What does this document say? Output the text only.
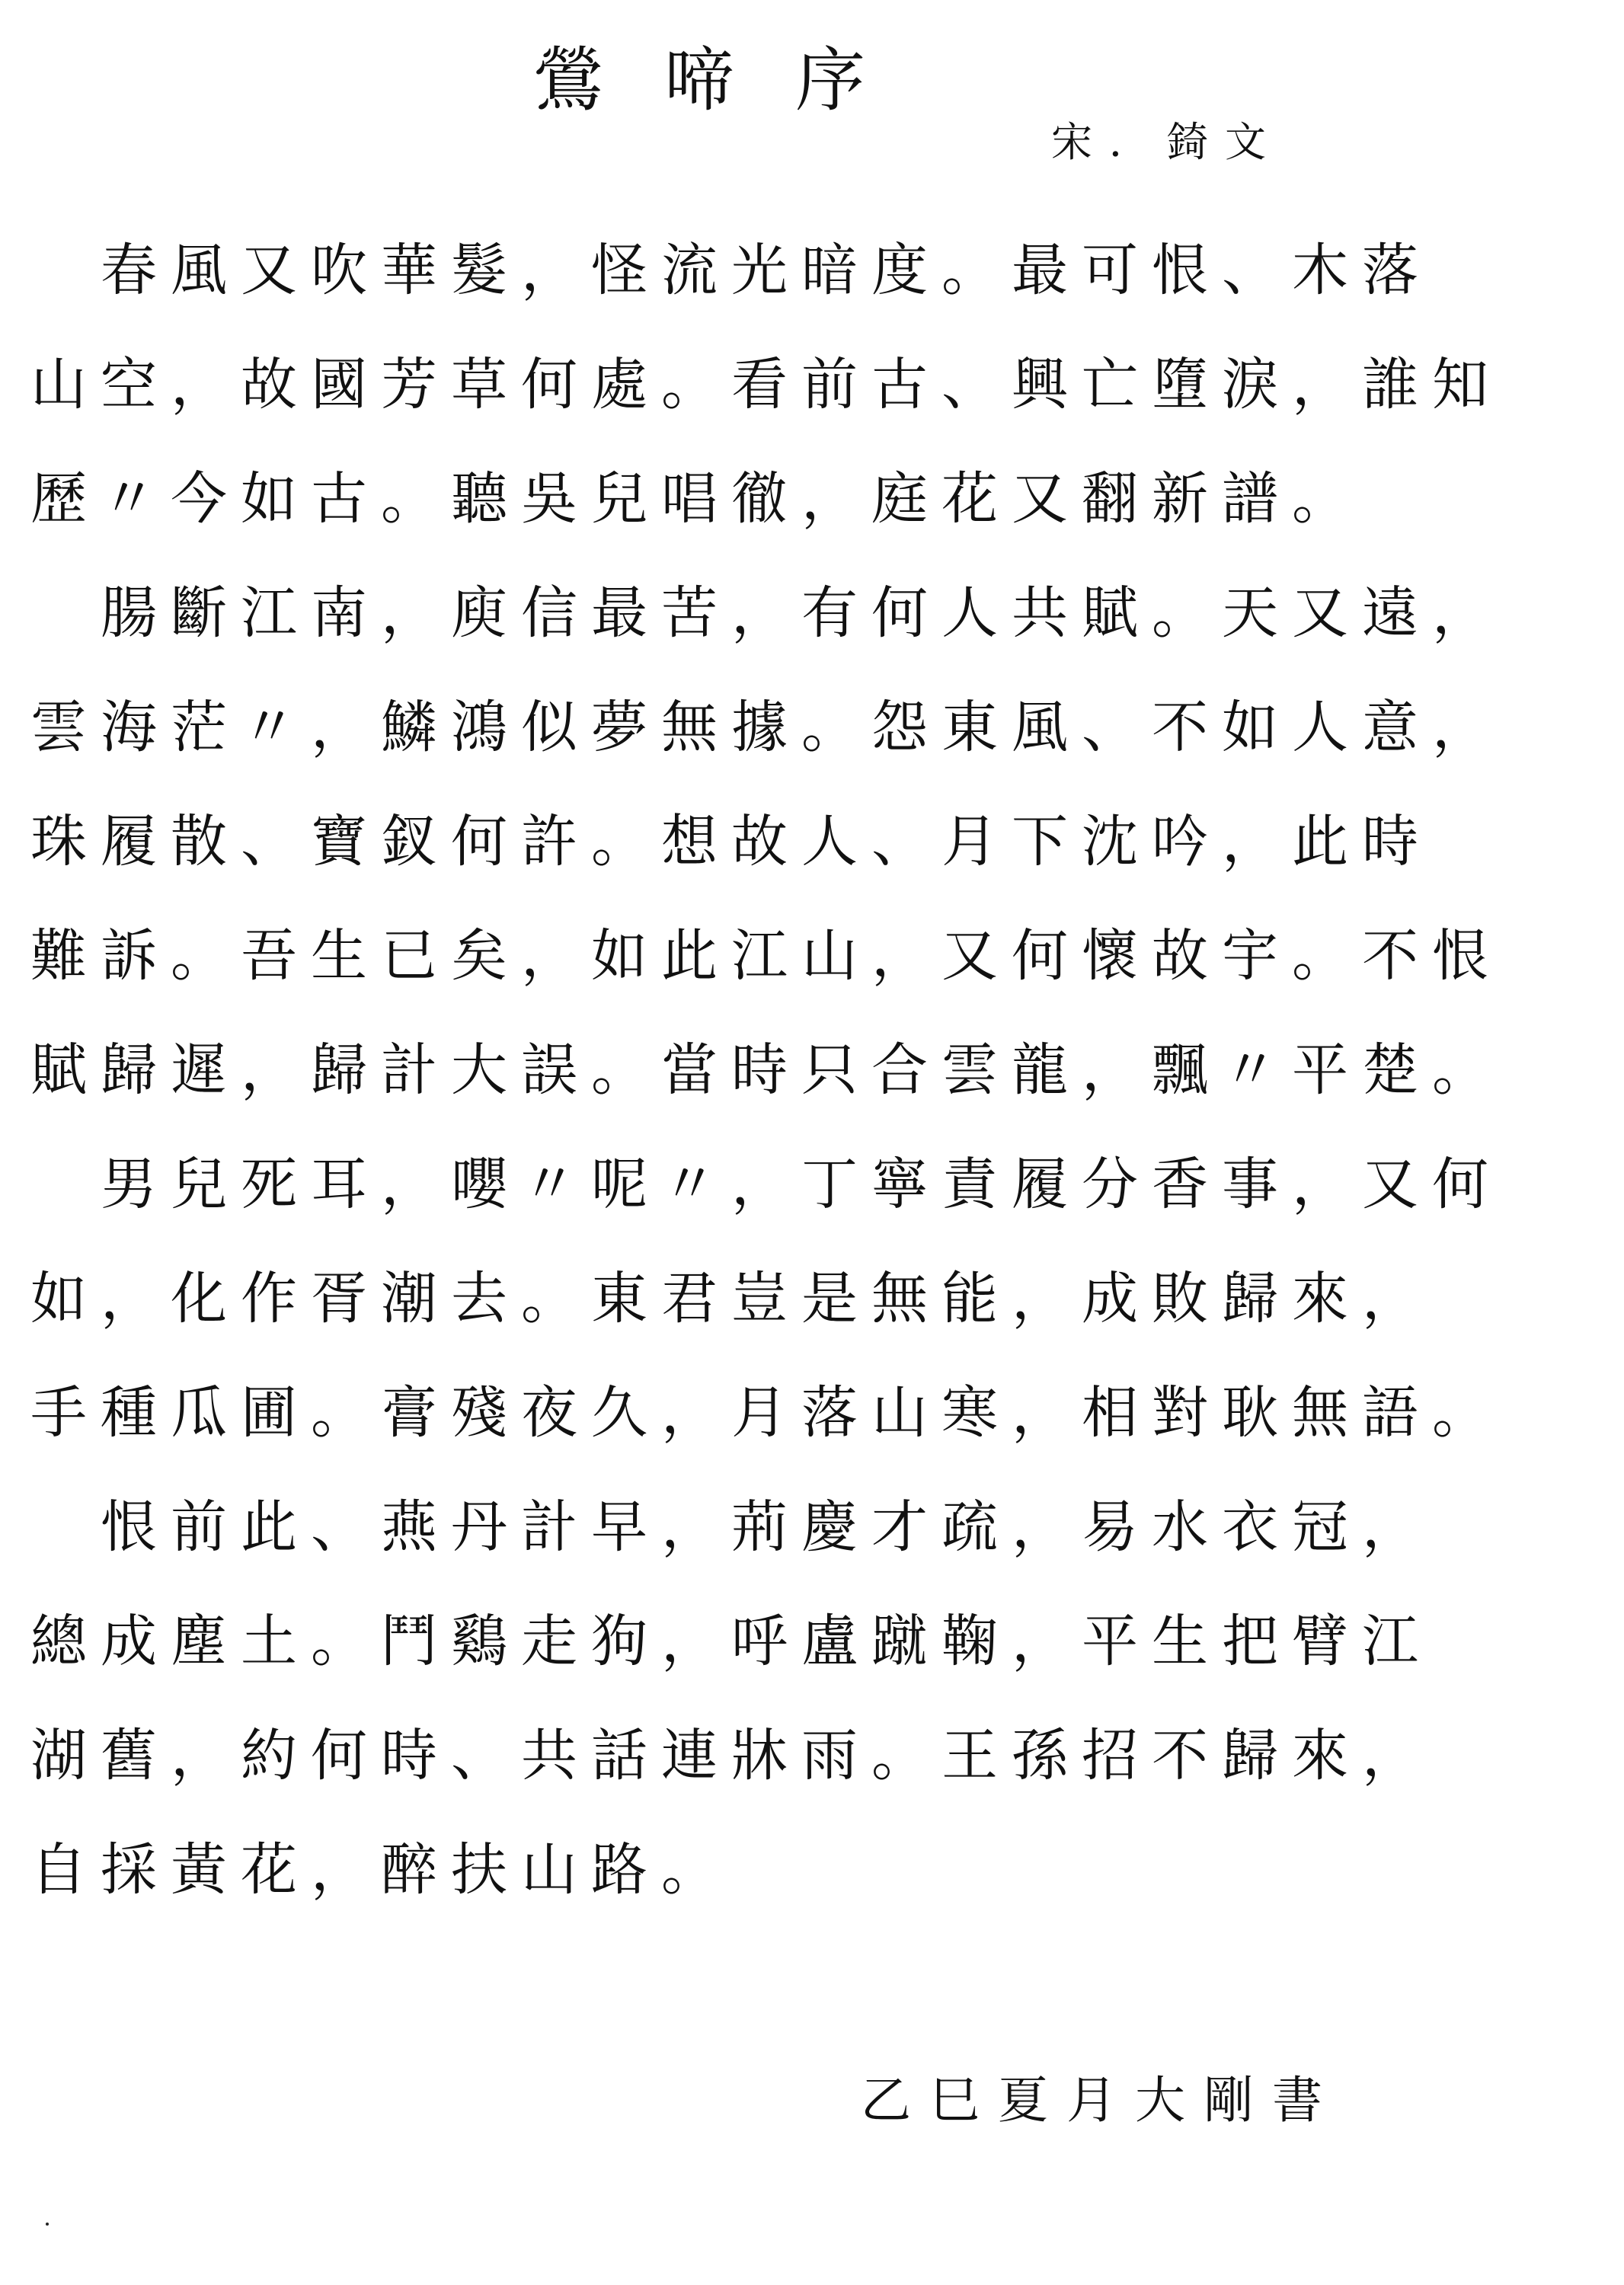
鶯啼序
宋．錡文
　春風又吹華髮，怪流光暗度。最可恨、木落
山空，故國芳草何處。看前古、興亡墮淚，誰知
歷〃今如古。聽吳兒唱徹，庭花又翻新譜。
　腸斷江南，庾信最苦，有何人共賦。天又遠，
雲海茫〃，鱗鴻似夢無據。怨東風、不如人意，
珠履散、寶釵何許。想故人、月下沈吟，此時
難訴。吾生已矣，如此江山，又何懷故宇。不恨
賦歸遲，歸計大誤。當時只合雲龍，飄〃平楚。
　男兒死耳，嚶〃呢〃，丁寧責履分香事，又何
如，化作胥潮去。東君豈是無能，成敗歸來，
手種瓜圃。膏殘夜久，月落山寒，相對耿無語。
　恨前此、燕丹計早，荊慶才疏，易水衣冠，
總成塵土。鬥鷄走狗，呼盧蹴鞠，平生把臂江
湖舊，約何時、共話連牀雨。王孫招不歸來，
自採黃花，醉扶山路。
乙巳夏月大剛書
